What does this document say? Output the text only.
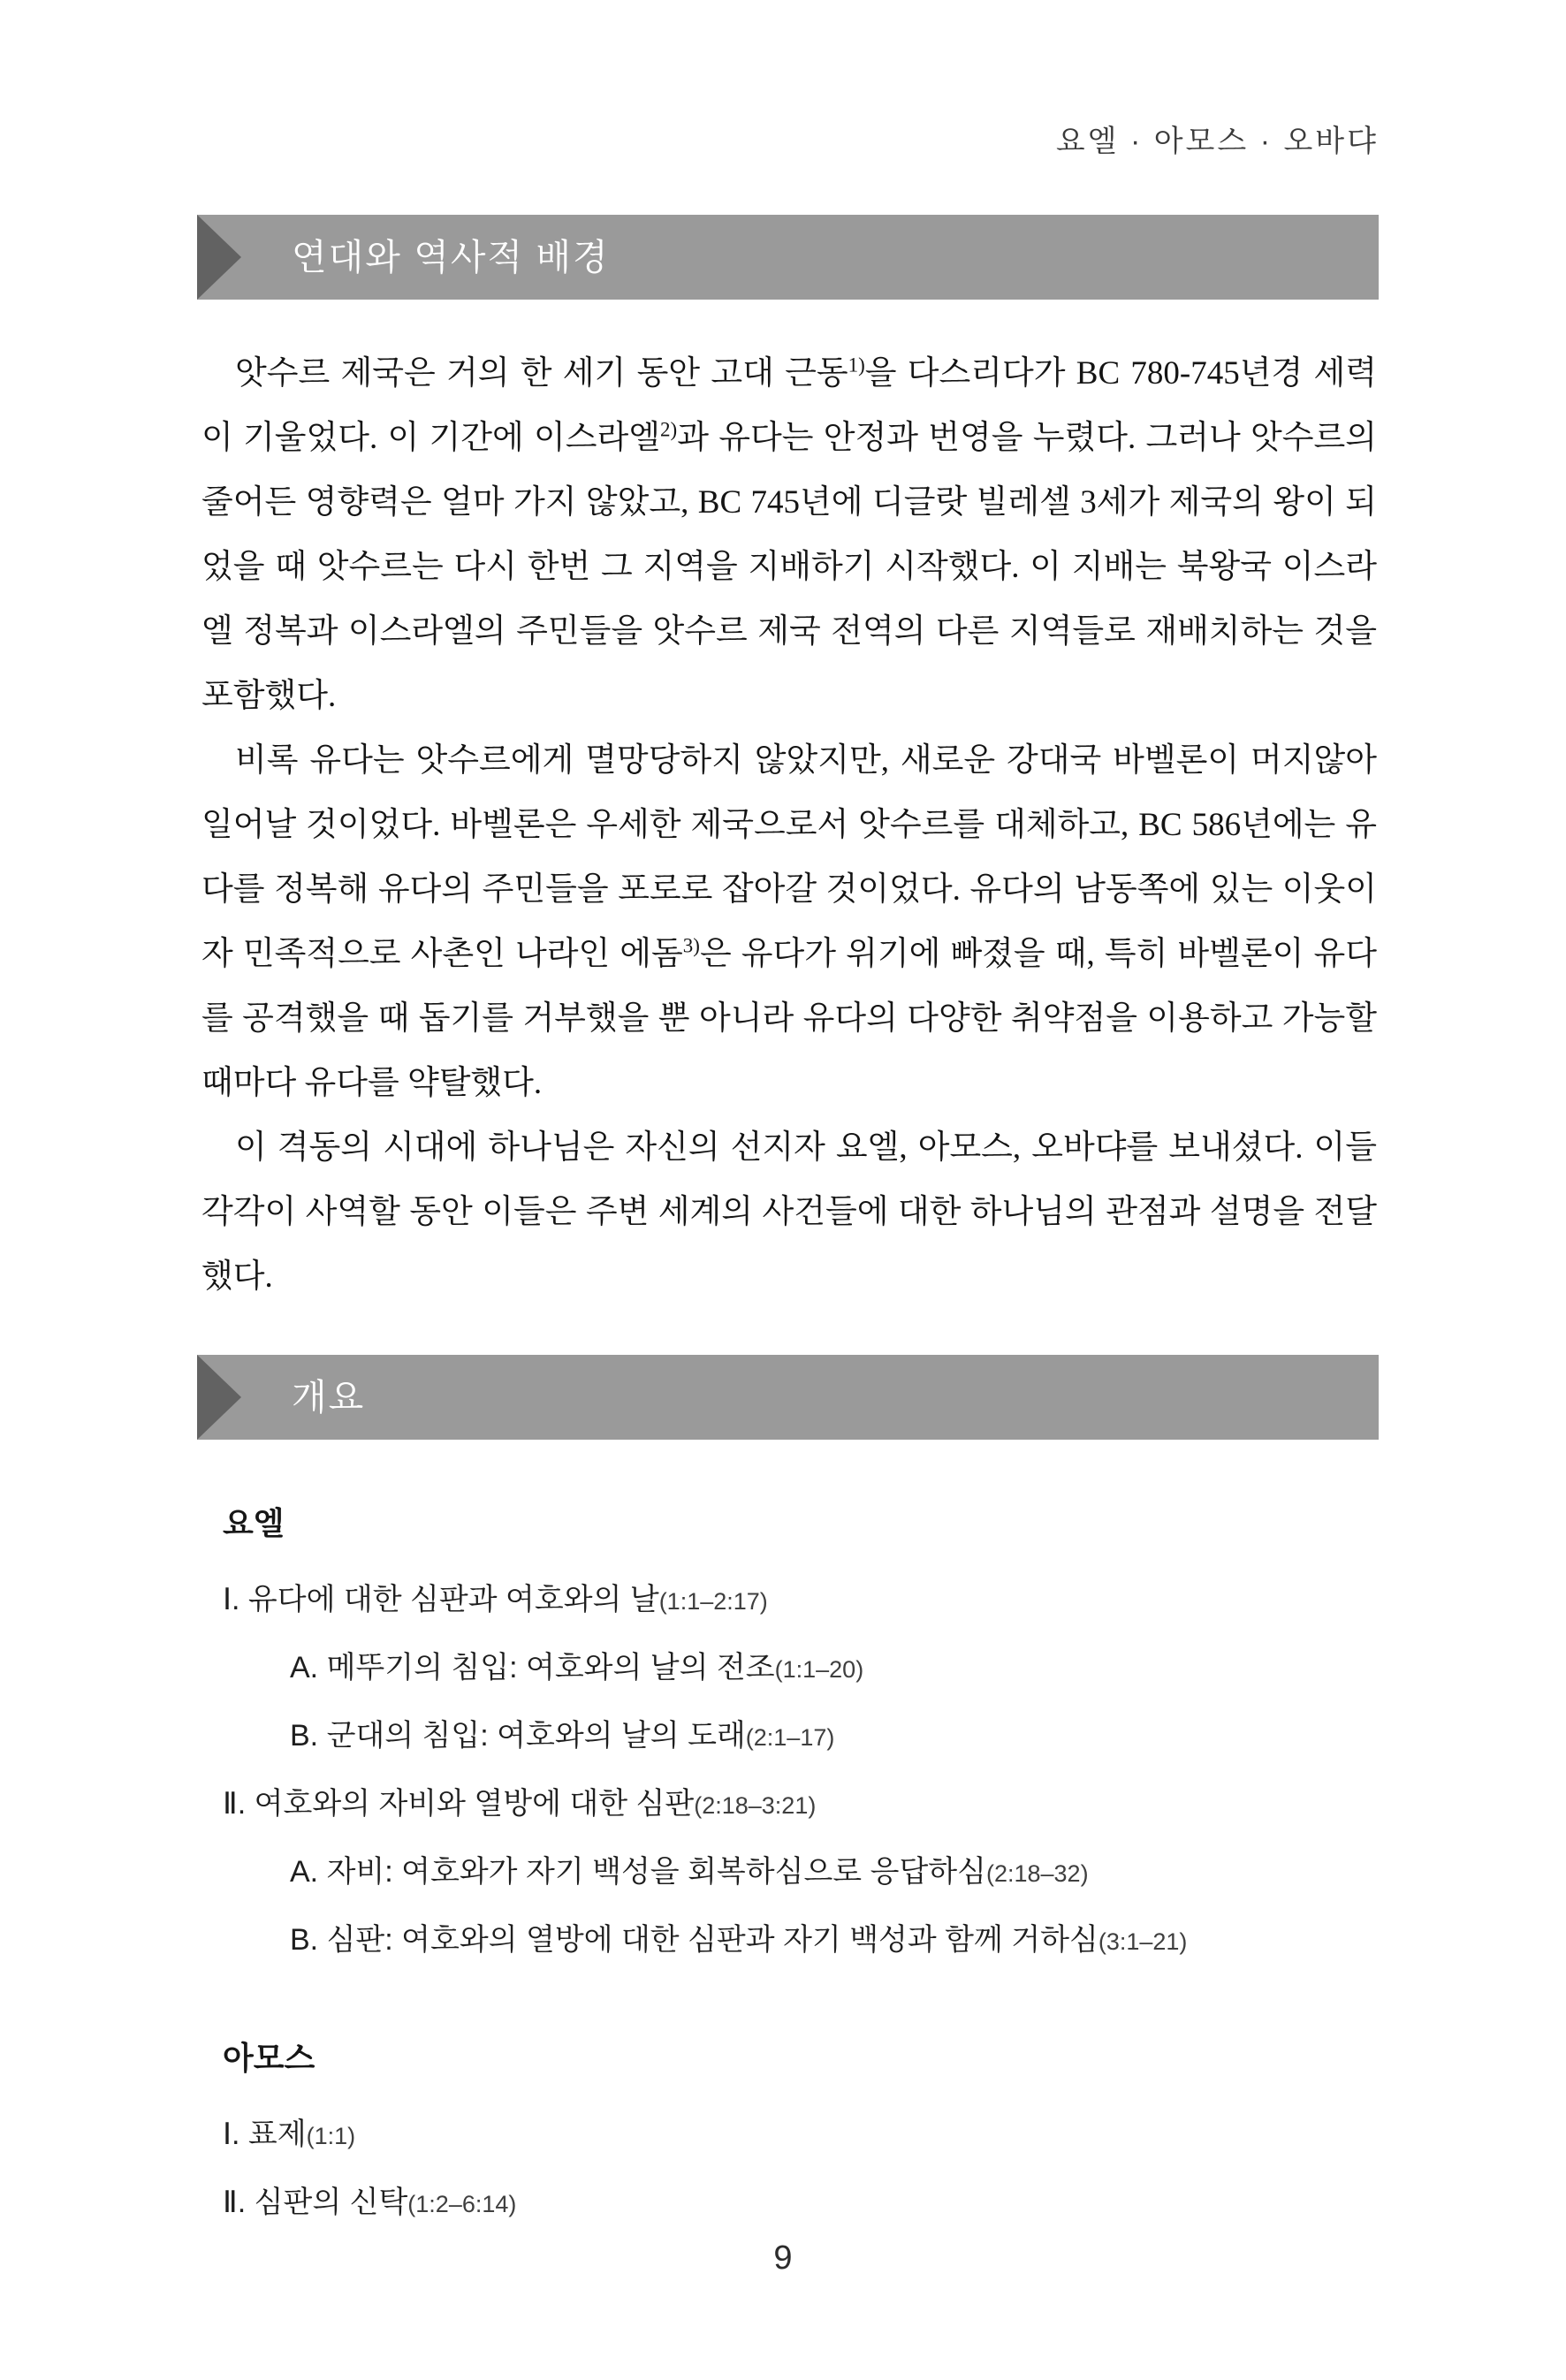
요엘 · 아모스 · 오바댜
연대와 역사적 배경

앗수르 제국은 거의 한 세기 동안 고대 근동$^{1)}$을 다스리다가 BC 780-745년경 세력이 기울었다. 이 기간에 이스라엘$^{2)}$과 유다는 안정과 번영을 누렸다. 그러나 앗수르의 줄어든 영향력은 얼마 가지 않았고, BC 745년에 디글랏 빌레셀 3세가 제국의 왕이 되었을 때 앗수르는 다시 한번 그 지역을 지배하기 시작했다. 이 지배는 북왕국 이스라엘 정복과 이스라엘의 주민들을 앗수르 제국 전역의 다른 지역들로 재배치하는 것을 포함했다.

비록 유다는 앗수르에게 멸망당하지 않았지만, 새로운 강대국 바벨론이 머지않아 일어날 것이었다. 바벨론은 우세한 제국으로서 앗수르를 대체하고, BC 586년에는 유다를 정복해 유다의 주민들을 포로로 잡아갈 것이었다. 유다의 남동쪽에 있는 이웃이자 민족적으로 사촌인 나라인 에돔$^{3)}$은 유다가 위기에 빠졌을 때, 특히 바벨론이 유다를 공격했을 때 돕기를 거부했을 뿐 아니라 유다의 다양한 취약점을 이용하고 가능할 때마다 유다를 약탈했다.

이 격동의 시대에 하나님은 자신의 선지자 요엘, 아모스, 오바댜를 보내셨다. 이들 각각이 사역할 동안 이들은 주변 세계의 사건들에 대한 하나님의 관점과 설명을 전달했다.

개요
요엘
Ⅰ. 유다에 대한 심판과 여호와의 날(1:1–2:17)
A. 메뚜기의 침입: 여호와의 날의 전조(1:1–20)
B. 군대의 침입: 여호와의 날의 도래(2:1–17)
Ⅱ. 여호와의 자비와 열방에 대한 심판(2:18–3:21)
A. 자비: 여호와가 자기 백성을 회복하심으로 응답하심(2:18–32)
B. 심판: 여호와의 열방에 대한 심판과 자기 백성과 함께 거하심(3:1–21)
아모스
Ⅰ. 표제(1:1)
Ⅱ. 심판의 신탁(1:2–6:14)
9
